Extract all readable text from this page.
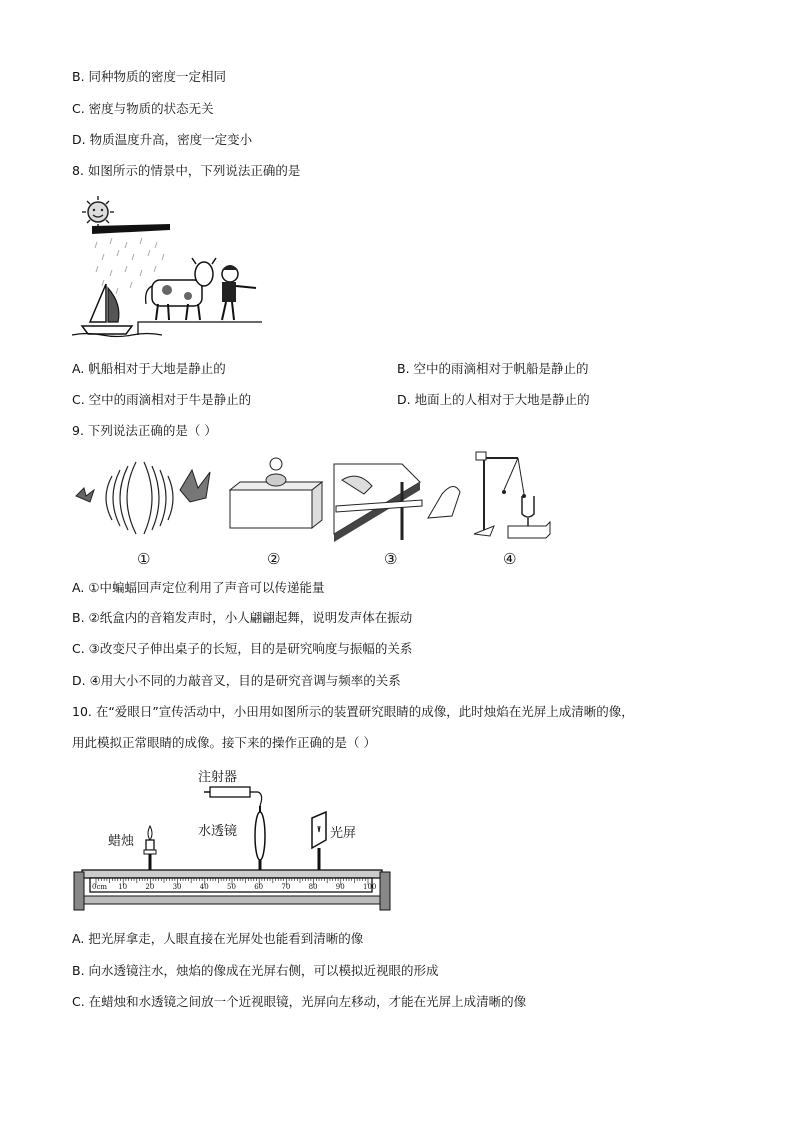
B. 同种物质的密度一定相同
C. 密度与物质的状态无关
D. 物质温度升高，密度一定变小
8. 如图所示的情景中，下列说法正确的是
A. 帆船相对于大地是静止的	B. 空中的雨滴相对于帆船是静止的
C. 空中的雨滴相对于牛是静止的	D. 地面上的人相对于大地是静止的
9. 下列说法正确的是（ ）
①	②	③	④
A. ①中蝙蝠回声定位利用了声音可以传递能量
B. ②纸盒内的音箱发声时，小人翩翩起舞，说明发声体在振动
C. ③改变尺子伸出桌子的长短，目的是研究响度与振幅的关系
D. ④用大小不同的力敲音叉，目的是研究音调与频率的关系
10. 在“爱眼日”宣传活动中，小田用如图所示的装置研究眼睛的成像，此时烛焰在光屏上成清晰的像，
用此模拟正常眼睛的成像。接下来的操作正确的是（ ）
注射器
蜡烛
水透镜	光屏
0cm 10	20	30	40	50	60	70	80	90	100
A. 把光屏拿走，人眼直接在光屏处也能看到清晰的像
B. 向水透镜注水，烛焰的像成在光屏右侧，可以模拟近视眼的形成
C. 在蜡烛和水透镜之间放一个近视眼镜，光屏向左移动，才能在光屏上成清晰的像
